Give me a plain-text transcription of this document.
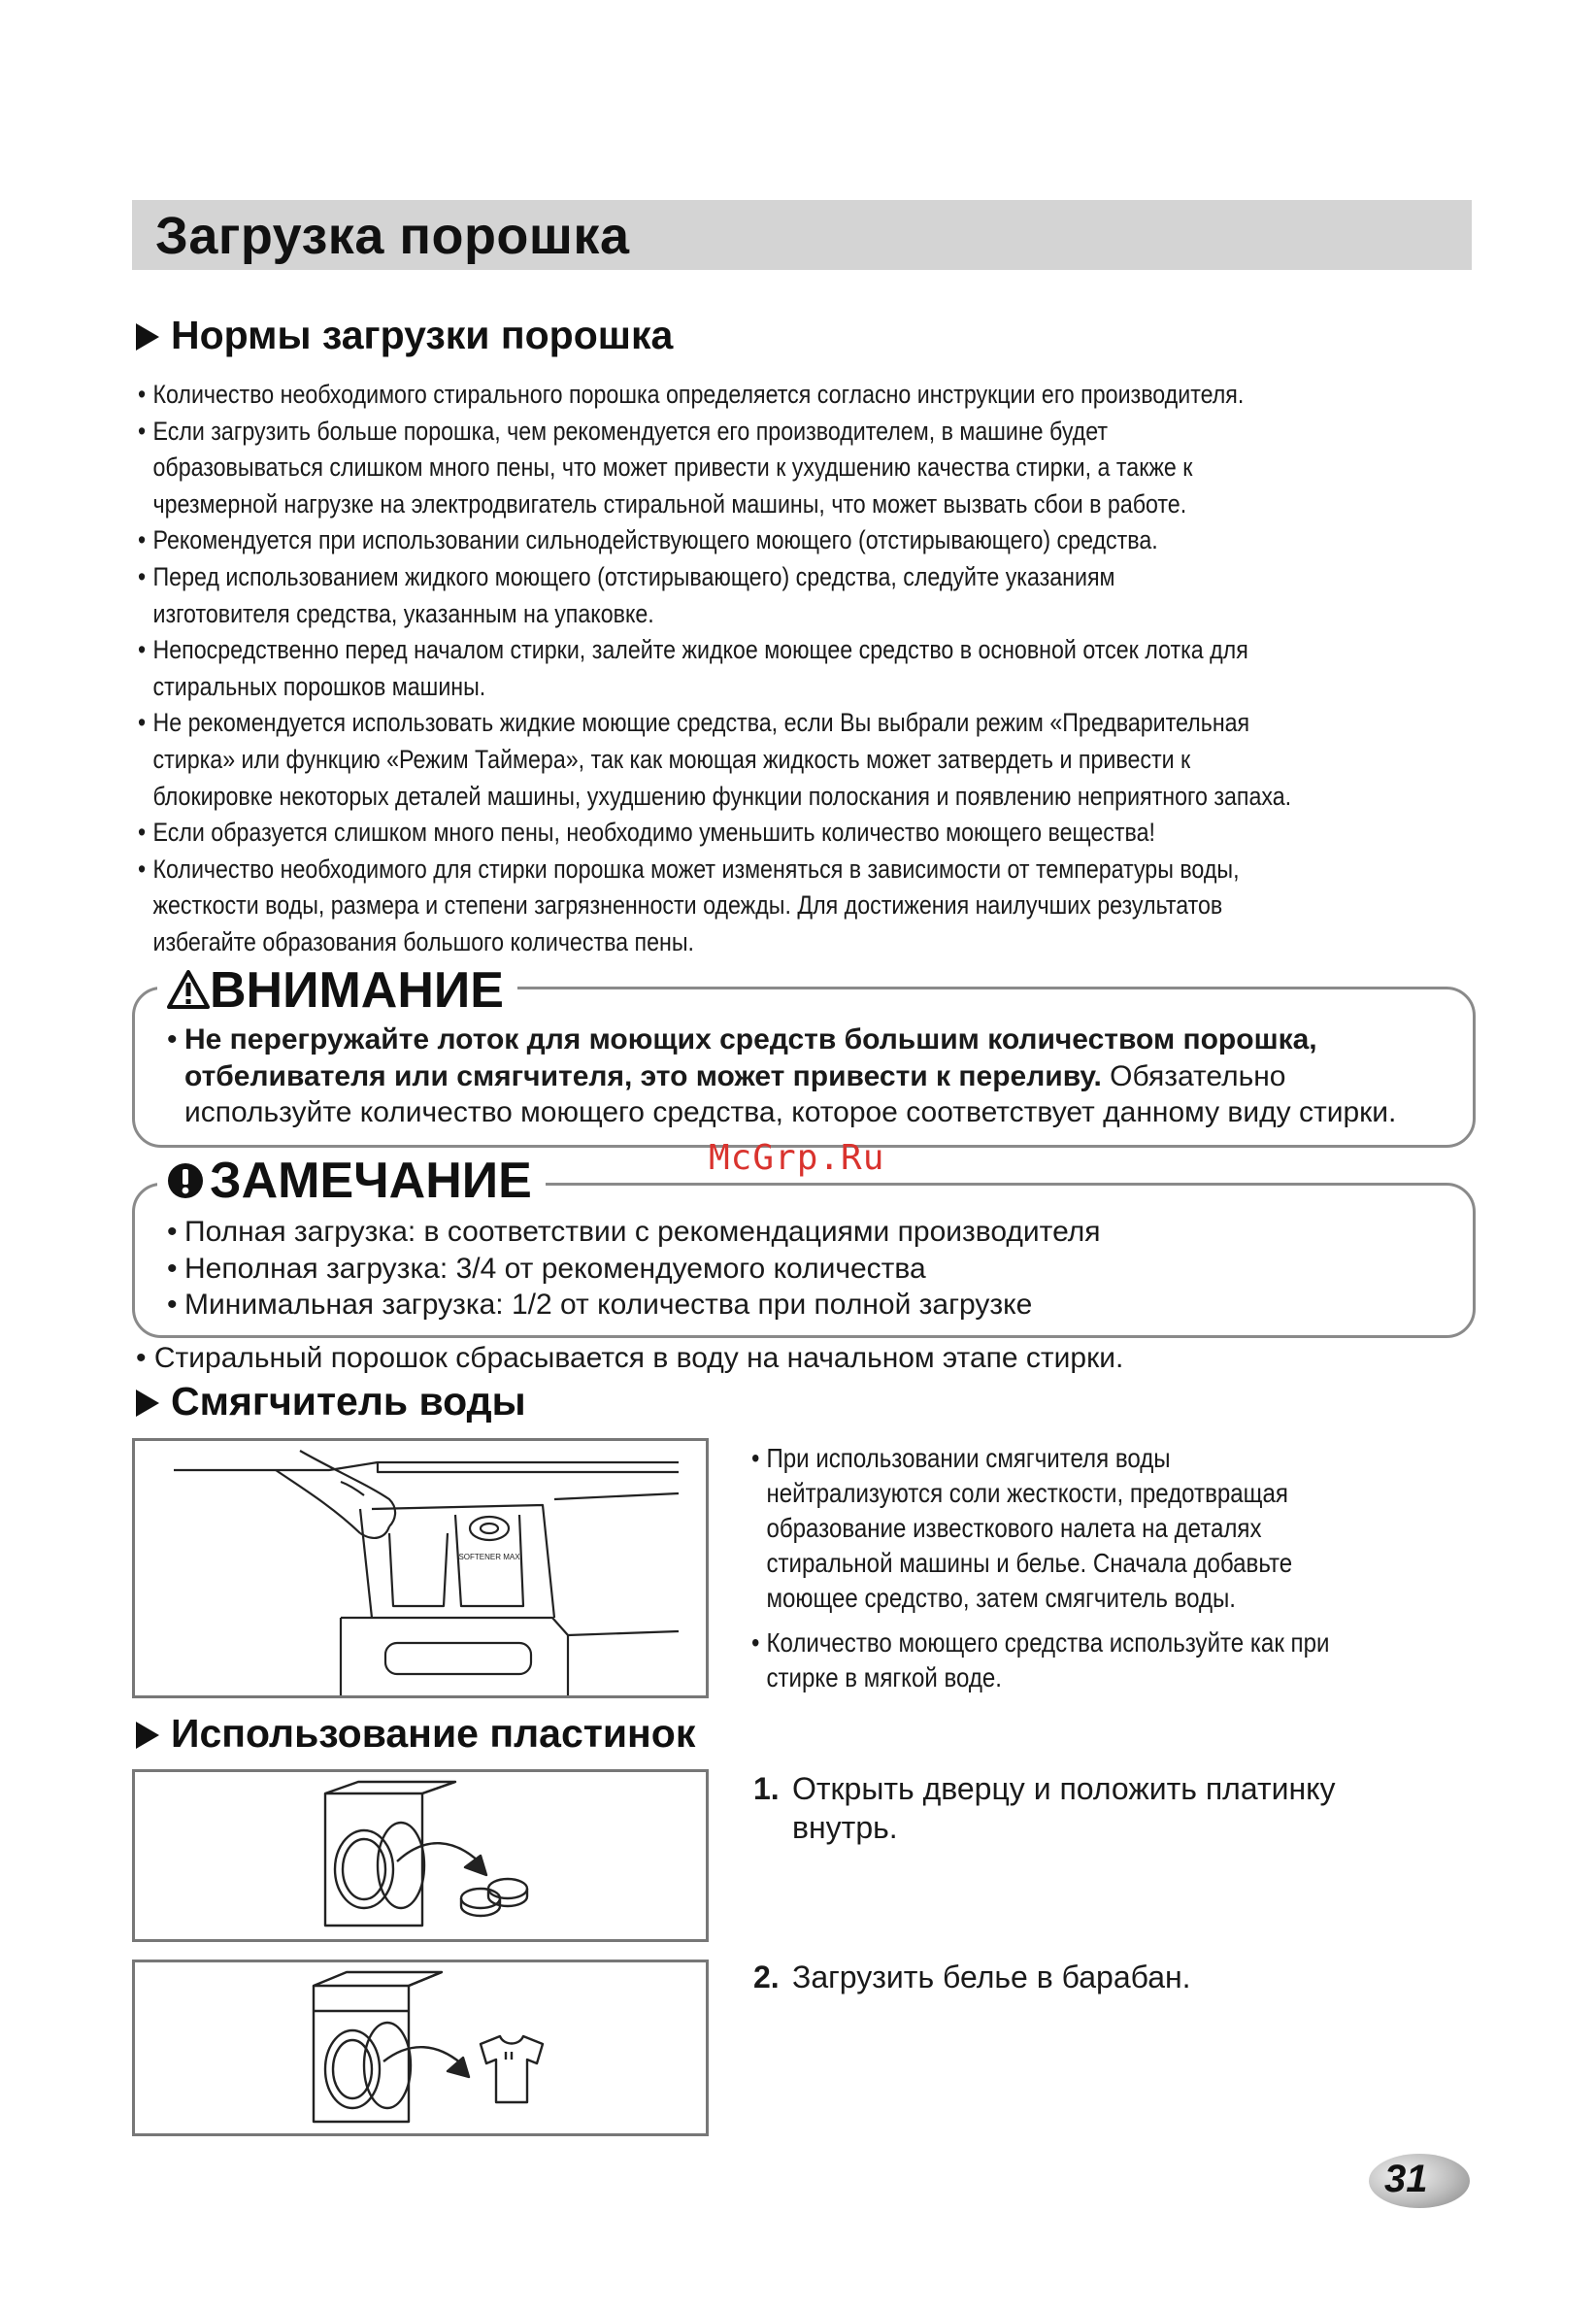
Загрузка порошка
Нормы загрузки порошка
• Количество необходимого стирального порошка определяется согласно инструкции его производителя.
• Если загрузить больше порошка, чем рекомендуется его производителем, в машине будет
образовываться слишком много пены, что может привести к ухудшению качества стирки, а также к
чрезмерной нагрузке на электродвигатель стиральной машины, что может вызвать сбои в работе.
• Рекомендуется при использовании сильнодействующего моющего (отстирывающего) средства.
• Перед использованием жидкого моющего (отстирывающего) средства, следуйте указаниям
изготовителя средства, указанным на упаковке.
• Непосредственно перед началом стирки, залейте жидкое моющее средство в основной отсек лотка для
стиральных порошков машины.
• Не рекомендуется использовать жидкие моющие средства, если Вы выбрали режим «Предварительная
стирка» или функцию «Режим Таймера», так как моющая жидкость может затвердеть и привести к
блокировке некоторых деталей машины, ухудшению функции полоскания и появлению неприятного запаха.
• Если образуется слишком много пены, необходимо уменьшить количество моющего вещества!
• Количество необходимого для стирки порошка может изменяться в зависимости от температуры воды,
жесткости воды, размера и степени загрязненности одежды. Для достижения наилучших результатов
избегайте образования большого количества пены.
ВНИМАНИЕ
• Не перегружайте лоток для моющих средств большим количеством порошка,
отбеливателя или смягчителя, это может привести к переливу. Обязательно
используйте количество моющего средства, которое соответствует данному виду стирки.
McGrp.Ru
ЗАМЕЧАНИЕ
• Полная загрузка: в соответствии с рекомендациями производителя
• Неполная загрузка: 3/4 от рекомендуемого количества
• Минимальная загрузка: 1/2 от количества при полной загрузке
• Стиральный порошок сбрасывается в воду на начальном этапе стирки.
Смягчитель воды
SOFTENER MAX
• При использовании смягчителя воды
нейтрализуются соли жесткости, предотвращая
образование известкового налета на деталях
стиральной машины и белье. Сначала добавьте
моющее средство, затем смягчитель воды.
• Количество моющего средства используйте как при
стирке в мягкой воде.
Использование пластинок
1. Открыть дверцу и положить платинку
внутрь.
2. Загрузить белье в барабан.
31
